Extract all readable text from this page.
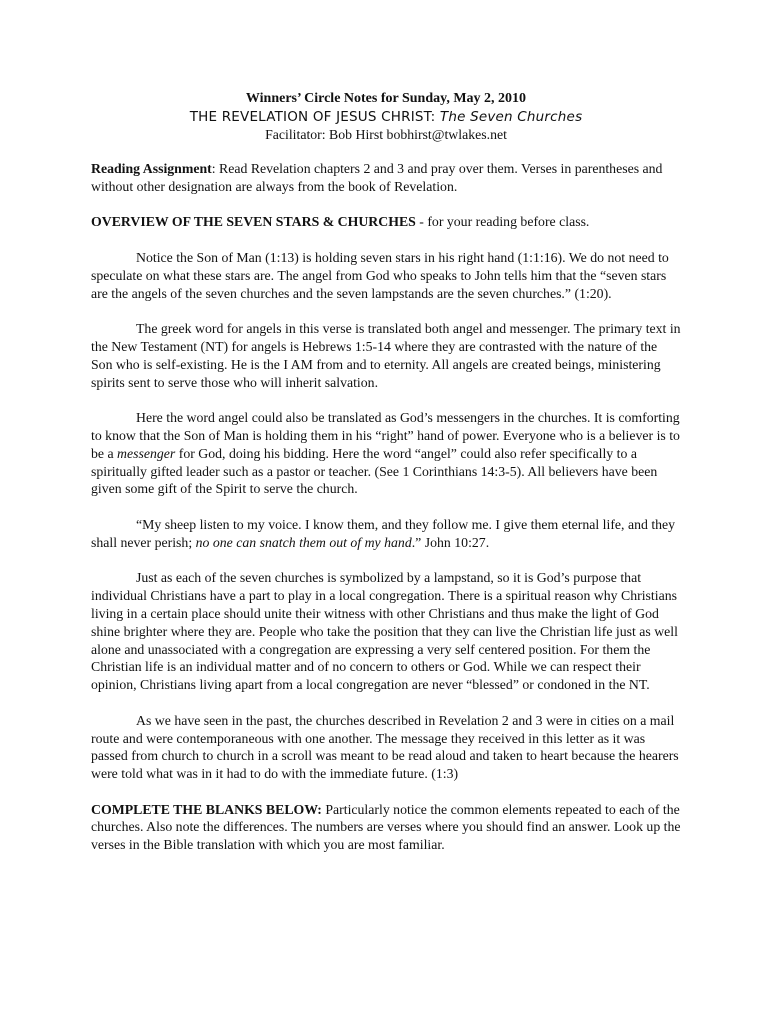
Winners’ Circle Notes for Sunday, May 2, 2010
THE REVELATION OF JESUS CHRIST: The Seven Churches
Facilitator: Bob Hirst bobhirst@twlakes.net

Reading Assignment: Read Revelation chapters 2 and 3 and pray over them. Verses in parentheses and without other designation are always from the book of Revelation.

OVERVIEW OF THE SEVEN STARS & CHURCHES - for your reading before class.

Notice the Son of Man (1:13) is holding seven stars in his right hand (1:1:16). We do not need to speculate on what these stars are. The angel from God who speaks to John tells him that the “seven stars are the angels of the seven churches and the seven lampstands are the seven churches.” (1:20).

The greek word for angels in this verse is translated both angel and messenger. The primary text in the New Testament (NT) for angels is Hebrews 1:5-14 where they are contrasted with the nature of the Son who is self-existing. He is the I AM from and to eternity. All angels are created beings, ministering spirits sent to serve those who will inherit salvation.

Here the word angel could also be translated as God’s messengers in the churches. It is comforting to know that the Son of Man is holding them in his “right” hand of power. Everyone who is a believer is to be a messenger for God, doing his bidding. Here the word “angel” could also refer specifically to a spiritually gifted leader such as a pastor or teacher. (See 1 Corinthians 14:3-5). All believers have been given some gift of the Spirit to serve the church.

“My sheep listen to my voice. I know them, and they follow me. I give them eternal life, and they shall never perish; no one can snatch them out of my hand.” John 10:27.

Just as each of the seven churches is symbolized by a lampstand, so it is God’s purpose that individual Christians have a part to play in a local congregation. There is a spiritual reason why Christians living in a certain place should unite their witness with other Christians and thus make the light of God shine brighter where they are. People who take the position that they can live the Christian life just as well alone and unassociated with a congregation are expressing a very self centered position. For them the Christian life is an individual matter and of no concern to others or God. While we can respect their opinion, Christians living apart from a local congregation are never “blessed” or condoned in the NT.

As we have seen in the past, the churches described in Revelation 2 and 3 were in cities on a mail route and were contemporaneous with one another. The message they received in this letter as it was passed from church to church in a scroll was meant to be read aloud and taken to heart because the hearers were told what was in it had to do with the immediate future. (1:3)

COMPLETE THE BLANKS BELOW: Particularly notice the common elements repeated to each of the churches. Also note the differences. The numbers are verses where you should find an answer. Look up the verses in the Bible translation with which you are most familiar.
